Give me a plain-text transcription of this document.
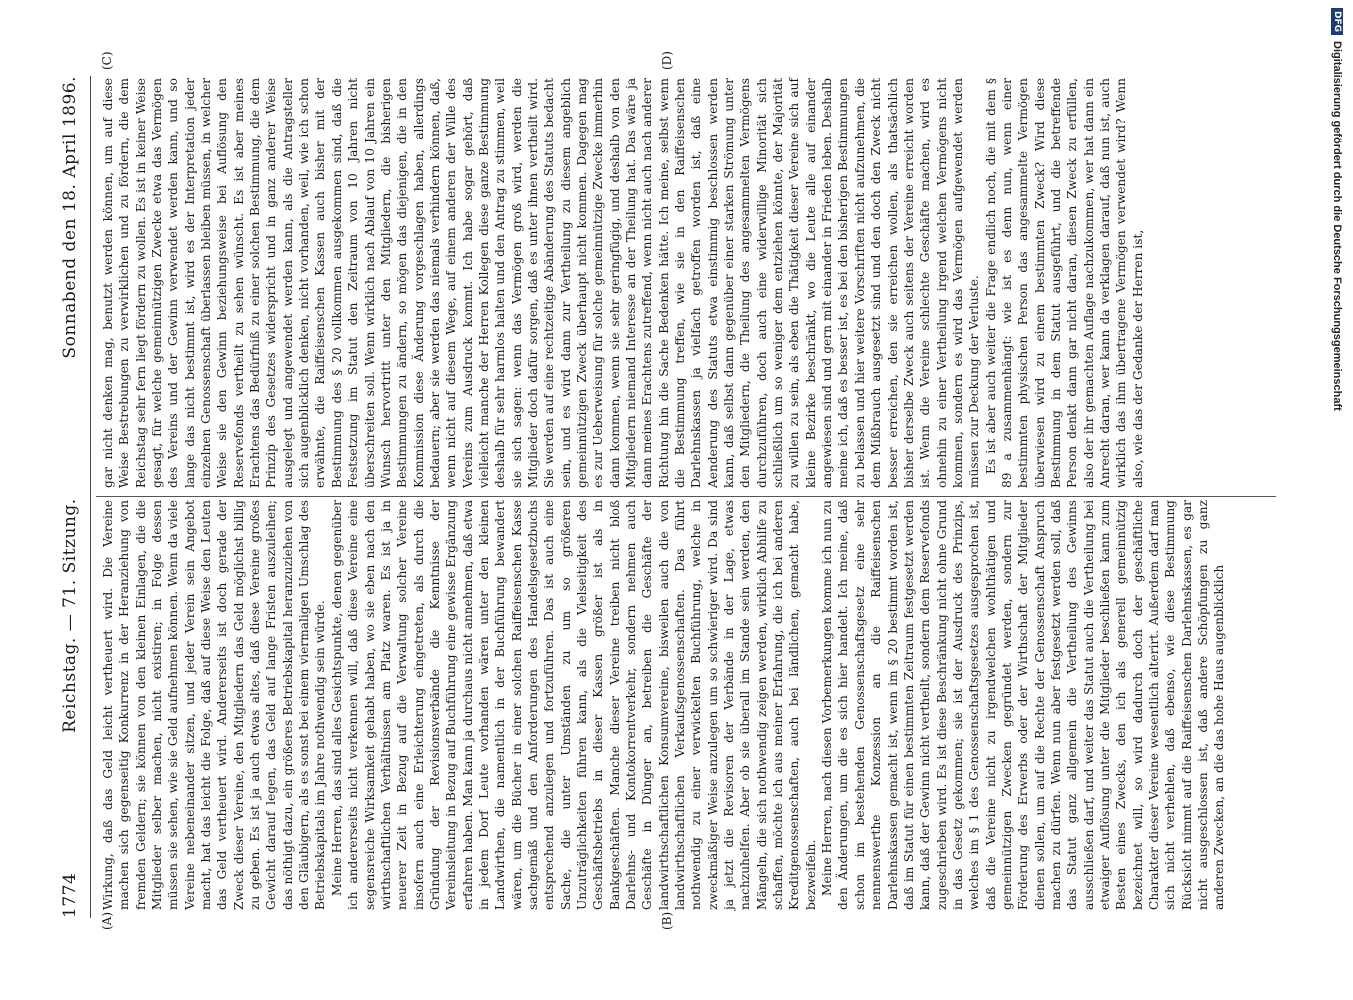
1774
Reichstag. — 71. Sitzung.
Sonnabend den 18. April 1896.
(A)	(B)
(C)	(D)

Wirkung, daß das Geld leicht vertheuert wird. Die Vereine machen sich gegenseitig Konkurrenz in der Heranziehung von fremden Geldern; sie können von den kleinen Einlagen, die die Mitglieder selber machen, nicht existiren; in Folge dessen müssen sie sehen, wie sie Geld aufnehmen können. Wenn da viele Vereine nebeneinander sitzen, und jeder Verein sein Angebot macht, hat das leicht die Folge, daß auf diese Weise den Leuten das Geld vertheuert wird. Andererseits ist doch gerade der Zweck dieser Vereine, den Mitgliedern das Geld möglichst billig zu geben. Es ist ja auch etwas altes, daß diese Vereine großes Gewicht darauf legen, das Geld auf lange Fristen auszuleihen; das nöthigt dazu, ein größeres Betriebskapital heranzuziehen von den Gläubigern, als es sonst bei einem viermaligen Umschlag des Betriebskapitals im Jahre nothwendig sein würde. Meine Herren, das sind alles Gesichtspunkte, denen gegenüber ich andererseits nicht verkennen will, daß diese Vereine eine segensreiche Wirksamkeit gehabt haben, wo sie eben nach den wirthschaftlichen Verhältnissen am Platz waren. Es ist ja in neuerer Zeit in Bezug auf die Verwaltung solcher Vereine insofern auch eine Erleichterung eingetreten, als durch die Gründung der Revisionsverbände die Kenntnisse der Vereinsleitung in Bezug auf Buchführung eine gewisse Ergänzung erfahren haben. Man kann ja durchaus nicht annehmen, daß etwa in jedem Dorf Leute vorhanden wären unter den kleinen Landwirthen, die namentlich in der Buchführung bewandert wären, um die Bücher in einer solchen Raiffeisenschen Kasse sachgemäß und den Anforderungen des Handelsgesetzbuchs entsprechend anzulegen und fortzuführen. Das ist auch eine Sache, die unter Umständen zu um so größeren Unzuträglichkeiten führen kann, als die Vielseitigkeit des Geschäftsbetriebs in dieser Kassen größer ist als in Bankgeschäften. Manche dieser Vereine treiben nicht bloß Darlehns- und Kontokorrentverkehr, sondern nehmen auch Geschäfte in Dünger an, betreiben die Geschäfte der landwirthschaftlichen Konsumvereine, bisweilen auch die von landwirthschaftlichen Verkaufsgenossenschaften. Das führt nothwendig zu einer verwickelten Buchführung, welche in zweckmäßiger Weise anzulegen um so schwieriger wird. Da sind ja jetzt die Revisoren der Verbände in der Lage, etwas nachzuhelfen. Aber ob sie überall im Stande sein werden, den Mängeln, die sich nothwendig zeigen werden, wirklich Abhilfe zu schaffen, möchte ich aus meiner Erfahrung, die ich bei anderen Kreditgenossenschaften, auch bei ländlichen, gemacht habe, bezweifeln. Meine Herren, nach diesen Vorbemerkungen komme ich nun zu den Änderungen, um die es sich hier handelt. Ich meine, daß schon im bestehenden Genossenschaftsgesetz eine sehr nennenswerthe Konzession an die Raiffeisenschen Darlehnskassen gemacht ist, wenn im § 20 bestimmt worden ist, daß im Statut für einen bestimmten Zeitraum festgesetzt werden kann, daß der Gewinn nicht vertheilt, sondern dem Reservefonds zugeschrieben wird. Es ist diese Beschränkung nicht ohne Grund in das Gesetz gekommen; sie ist der Ausdruck des Prinzips, welches im § 1 des Genossenschaftsgesetzes ausgesprochen ist, daß die Vereine nicht zu irgendwelchen wohlthätigen und gemeinnützigen Zwecken gegründet werden, sondern zur Förderung des Erwerbs oder der Wirthschaft der Mitglieder dienen sollen, um auf die Rechte der Genossenschaft Anspruch machen zu dürfen. Wenn nun aber festgesetzt werden soll, daß das Statut ganz allgemein die Vertheilung des Gewinns ausschließen darf, und weiter das Statut auch die Vertheilung bei etwaiger Auflösung unter die Mitglieder beschließen kann zum Besten eines Zwecks, den ich als generell gemeinnützig bezeichnet will, so wird dadurch doch der geschäftliche Charakter dieser Vereine wesentlich alterirt. Außerdem darf man sich nicht verhehlen, daß ebenso, wie diese Bestimmung Rücksicht nimmt auf die Raiffeisenschen Darlehnskassen, es gar nicht ausgeschlossen ist, daß andere Schöpfungen zu ganz anderen Zwecken, an die das hohe Haus augenblicklich

gar nicht denken mag, benutzt werden können, um auf diese Weise Bestrebungen zu verwirklichen und zu fördern, die dem Reichstag sehr fern liegt fördern zu wollen. Es ist in keiner Weise gesagt, für welche gemeinnützigen Zwecke etwa das Vermögen des Vereins und der Gewinn verwendet werden kann, und so lange das nicht bestimmt ist, wird es der Interpretation jeder einzelnen Genossenschaft überlassen bleiben müssen, in welcher Weise sie den Gewinn beziehungsweise bei Auflösung den Reservefonds vertheilt zu sehen wünscht. Es ist aber meines Erachtens das Bedürfniß zu einer solchen Bestimmung, die dem Prinzip des Gesetzes widerspricht und in ganz anderer Weise ausgelegt und angewendet werden kann, als die Antragsteller sich augenblicklich denken, nicht vorhanden, weil, wie ich schon erwähnte, die Raiffeisenschen Kassen auch bisher mit der Bestimmung des § 20 vollkommen ausgekommen sind, daß die Festsetzung im Statut den Zeitraum von 10 Jahren nicht überschreiten soll. Wenn wirklich nach Ablauf von 10 Jahren ein Wunsch hervortritt unter den Mitgliedern, die bisherigen Bestimmungen zu ändern, so mögen das diejenigen, die in den Kommission diese Änderung vorgeschlagen haben, allerdings bedauern; aber sie werden das niemals verhindern können, daß, wenn nicht auf diesem Wege, auf einem anderen der Wille des Vereins zum Ausdruck kommt. Ich habe sogar gehört, daß vielleicht manche der Herren Kollegen diese ganze Bestimmung deshalb für sehr harmlos halten und den Antrag zu stimmen, weil sie sich sagen: wenn das Vermögen groß wird, werden die Mitglieder doch dafür sorgen, daß es unter ihnen vertheilt wird. Sie werden auf eine rechtzeitige Abänderung des Statuts bedacht sein, und es wird dann zur Vertheilung zu diesem angeblich gemeinnützigen Zweck überhaupt nicht kommen. Dagegen mag es zur Ueberweisung für solche gemeinnützige Zwecke immerhin dann kommen, wenn sie sehr geringfügig, und deshalb von den Mitgliedern niemand Interesse an der Theilung hat. Das wäre ja dann meines Erachtens zutreffend, wenn nicht auch nach anderer Richtung hin die Sache Bedenken hätte. Ich meine, selbst wenn die Bestimmung treffen, wie sie in den Raiffeisenschen Darlehnskassen ja vielfach getroffen worden ist, daß eine Aenderung des Statuts etwa einstimmig beschlossen werden kann, daß selbst dann gegenüber einer starken Strömung unter den Mitgliedern, die Theilung des angesammelten Vermögens durchzuführen, doch auch eine widerwillige Minorität sich schließlich um so weniger dem entziehen könnte, der Majorität zu willen zu sein, als eben die Thätigkeit dieser Vereine sich auf kleine Bezirke beschränkt, wo die Leute alle auf einander angewiesen sind und gern mit einander in Frieden leben. Deshalb meine ich, daß es besser ist, es bei den bisherigen Bestimmungen zu belassen und hier weitere Vorschriften nicht aufzunehmen, die dem Mißbrauch ausgesetzt sind und den doch den Zweck nicht besser erreichen, den sie erreichen wollen, als thatsächlich bisher derselbe Zweck auch seitens der Vereine erreicht worden ist. Wenn die Vereine schlechte Geschäfte machen, wird es ohnehin zu einer Vertheilung irgend welchen Vermögens nicht kommen, sondern es wird das Vermögen aufgewendet werden müssen zur Deckung der Verluste. Es ist aber auch weiter die Frage endlich noch, die mit dem § 89 a zusammenhängt: wie ist es denn nun, wenn einer bestimmten physischen Person das angesammelte Vermögen überwiesen wird zu einem bestimmten Zweck? Wird diese Bestimmung in dem Statut ausgeführt, und die betreffende Person denkt dann gar nicht daran, diesen Zweck zu erfüllen, also der ihr gemachten Auflage nachzukommen, wer hat dann ein Anrecht daran, wer kann da verklagen darauf, daß nun ist, auch wirklich das ihm übertragene Vermögen verwendet wird? Wenn also, wie das der Gedanke der Herren ist,

DFG
Digitalisierung gefördert durch die Deutsche Forschungsgemeinschaft
